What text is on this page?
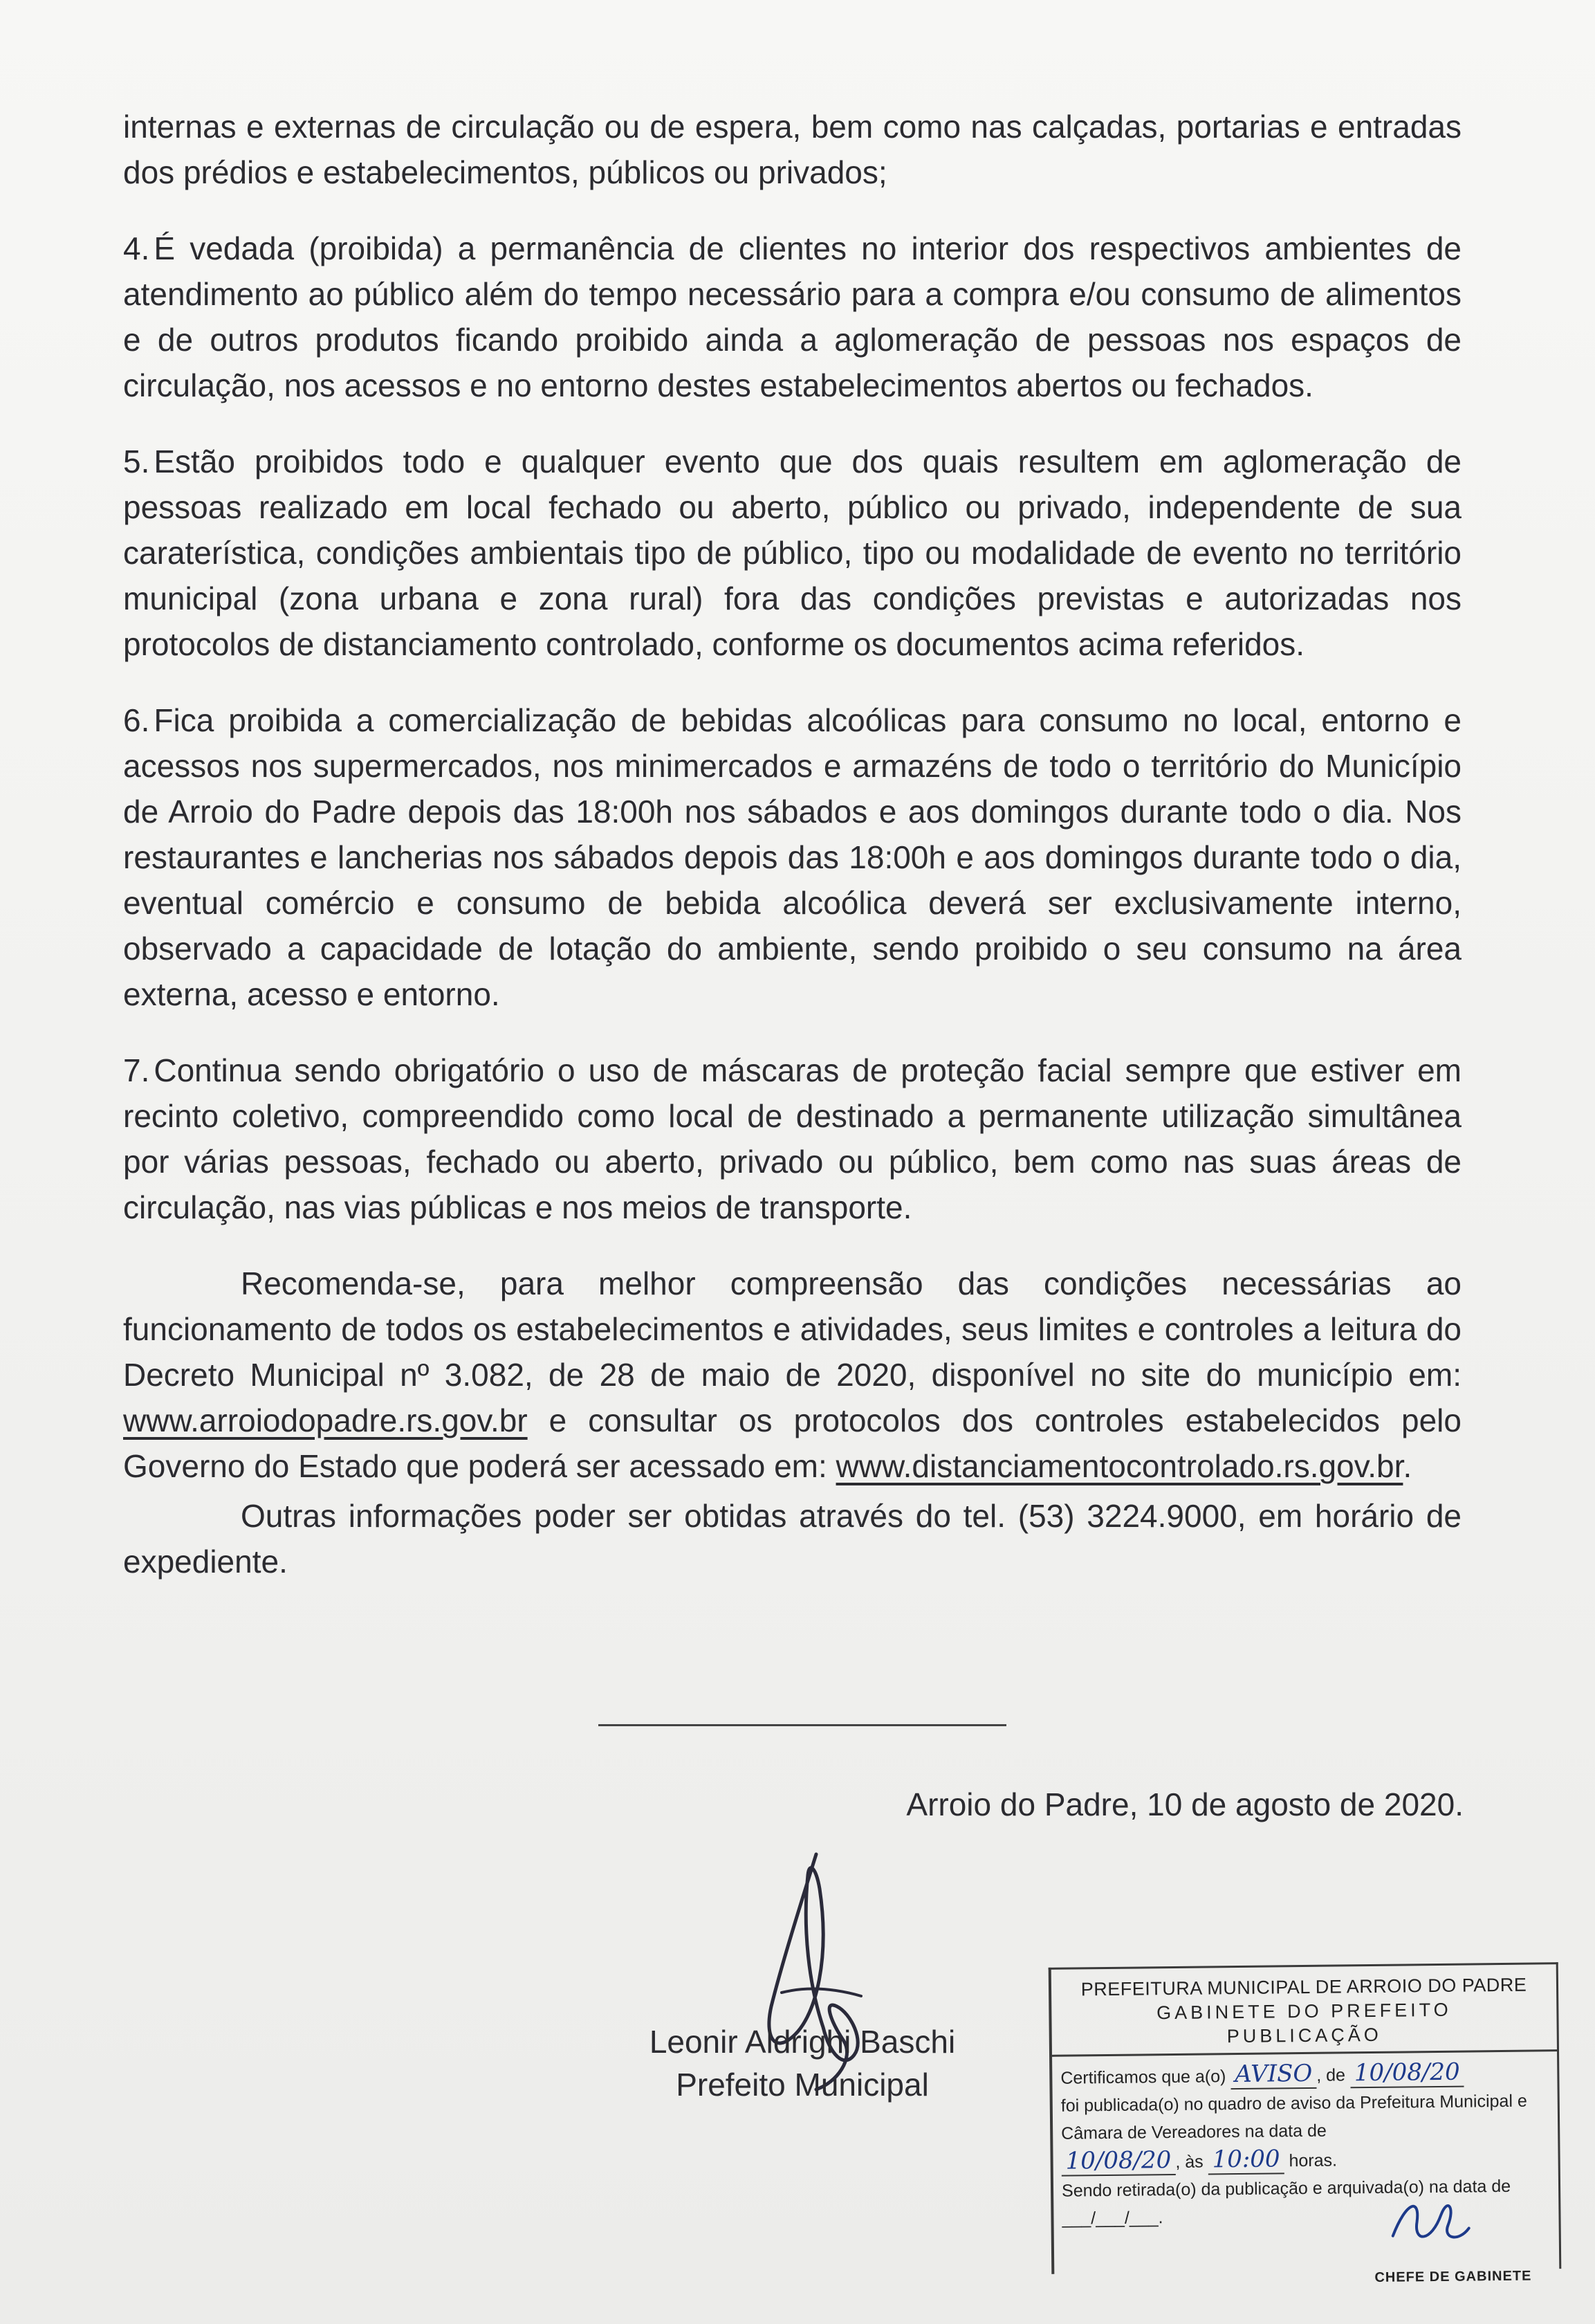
internas e externas de circulação ou de espera, bem como nas calçadas, portarias e entradas dos prédios e estabelecimentos, públicos ou privados;

4. É vedada (proibida) a permanência de clientes no interior dos respectivos ambientes de atendimento ao público além do tempo necessário para a compra e/ou consumo de alimentos e de outros produtos ficando proibido ainda a aglomeração de pessoas nos espaços de circulação, nos acessos e no entorno destes estabelecimentos abertos ou fechados.

5. Estão proibidos todo e qualquer evento que dos quais resultem em aglomeração de pessoas realizado em local fechado ou aberto, público ou privado, independente de sua caraterística, condições ambientais tipo de público, tipo ou modalidade de evento no território municipal (zona urbana e zona rural) fora das condições previstas e autorizadas nos protocolos de distanciamento controlado, conforme os documentos acima referidos.

6. Fica proibida a comercialização de bebidas alcoólicas para consumo no local, entorno e acessos nos supermercados, nos minimercados e armazéns de todo o território do Município de Arroio do Padre depois das 18:00h nos sábados e aos domingos durante todo o dia. Nos restaurantes e lancherias nos sábados depois das 18:00h e aos domingos durante todo o dia, eventual comércio e consumo de bebida alcoólica deverá ser exclusivamente interno, observado a capacidade de lotação do ambiente, sendo proibido o seu consumo na área externa, acesso e entorno.

7. Continua sendo obrigatório o uso de máscaras de proteção facial sempre que estiver em recinto coletivo, compreendido como local de destinado a permanente utilização simultânea por várias pessoas, fechado ou aberto, privado ou público, bem como nas suas áreas de circulação, nas vias públicas e nos meios de transporte.

Recomenda-se, para melhor compreensão das condições necessárias ao funcionamento de todos os estabelecimentos e atividades, seus limites e controles a leitura do Decreto Municipal nº 3.082, de 28 de maio de 2020, disponível no site do município em: www.arroiodopadre.rs.gov.br e consultar os protocolos dos controles estabelecidos pelo Governo do Estado que poderá ser acessado em: www.distanciamentocontrolado.rs.gov.br.

Outras informações poder ser obtidas através do tel. (53) 3224.9000, em horário de expediente.

Arroio do Padre, 10 de agosto de 2020.
Leonir Aldrighi Baschi
Prefeito Municipal
PREFEITURA MUNICIPAL DE ARROIO DO PADRE
GABINETE DO PREFEITO
PUBLICAÇÃO
Certificamos que a(o) AVISO , de 10/08/20
foi publicada(o) no quadro de aviso da Prefeitura Municipal e Câmara de Vereadores na data de
10/08/20 , às 10:00 horas.
Sendo retirada(o) da publicação e arquivada(o) na data de ___/___/___.
CHEFE DE GABINETE
